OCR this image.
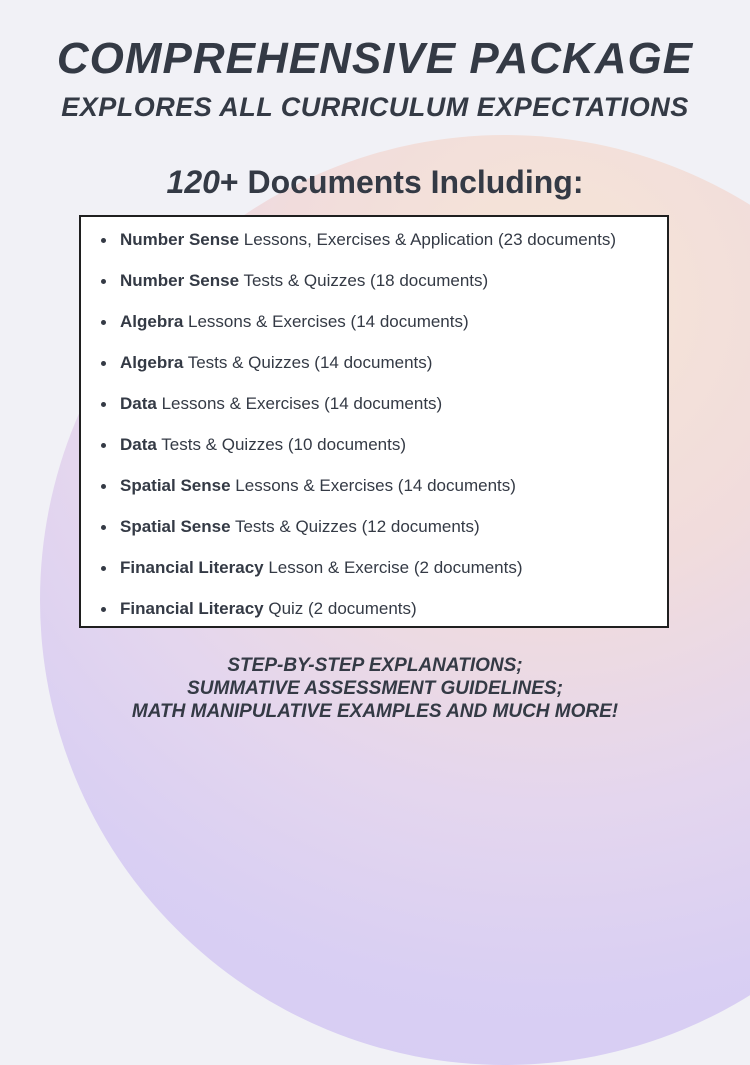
COMPREHENSIVE PACKAGE
EXPLORES ALL CURRICULUM EXPECTATIONS
120+ Documents Including:
Number Sense Lessons, Exercises & Application (23 documents)
Number Sense Tests & Quizzes (18 documents)
Algebra Lessons & Exercises (14 documents)
Algebra Tests & Quizzes (14 documents)
Data Lessons & Exercises (14 documents)
Data Tests & Quizzes (10 documents)
Spatial Sense Lessons & Exercises (14 documents)
Spatial Sense Tests & Quizzes (12 documents)
Financial Literacy Lesson & Exercise (2 documents)
Financial Literacy Quiz (2 documents)
STEP-BY-STEP EXPLANATIONS;
SUMMATIVE ASSESSMENT GUIDELINES;
MATH MANIPULATIVE EXAMPLES AND MUCH MORE!
